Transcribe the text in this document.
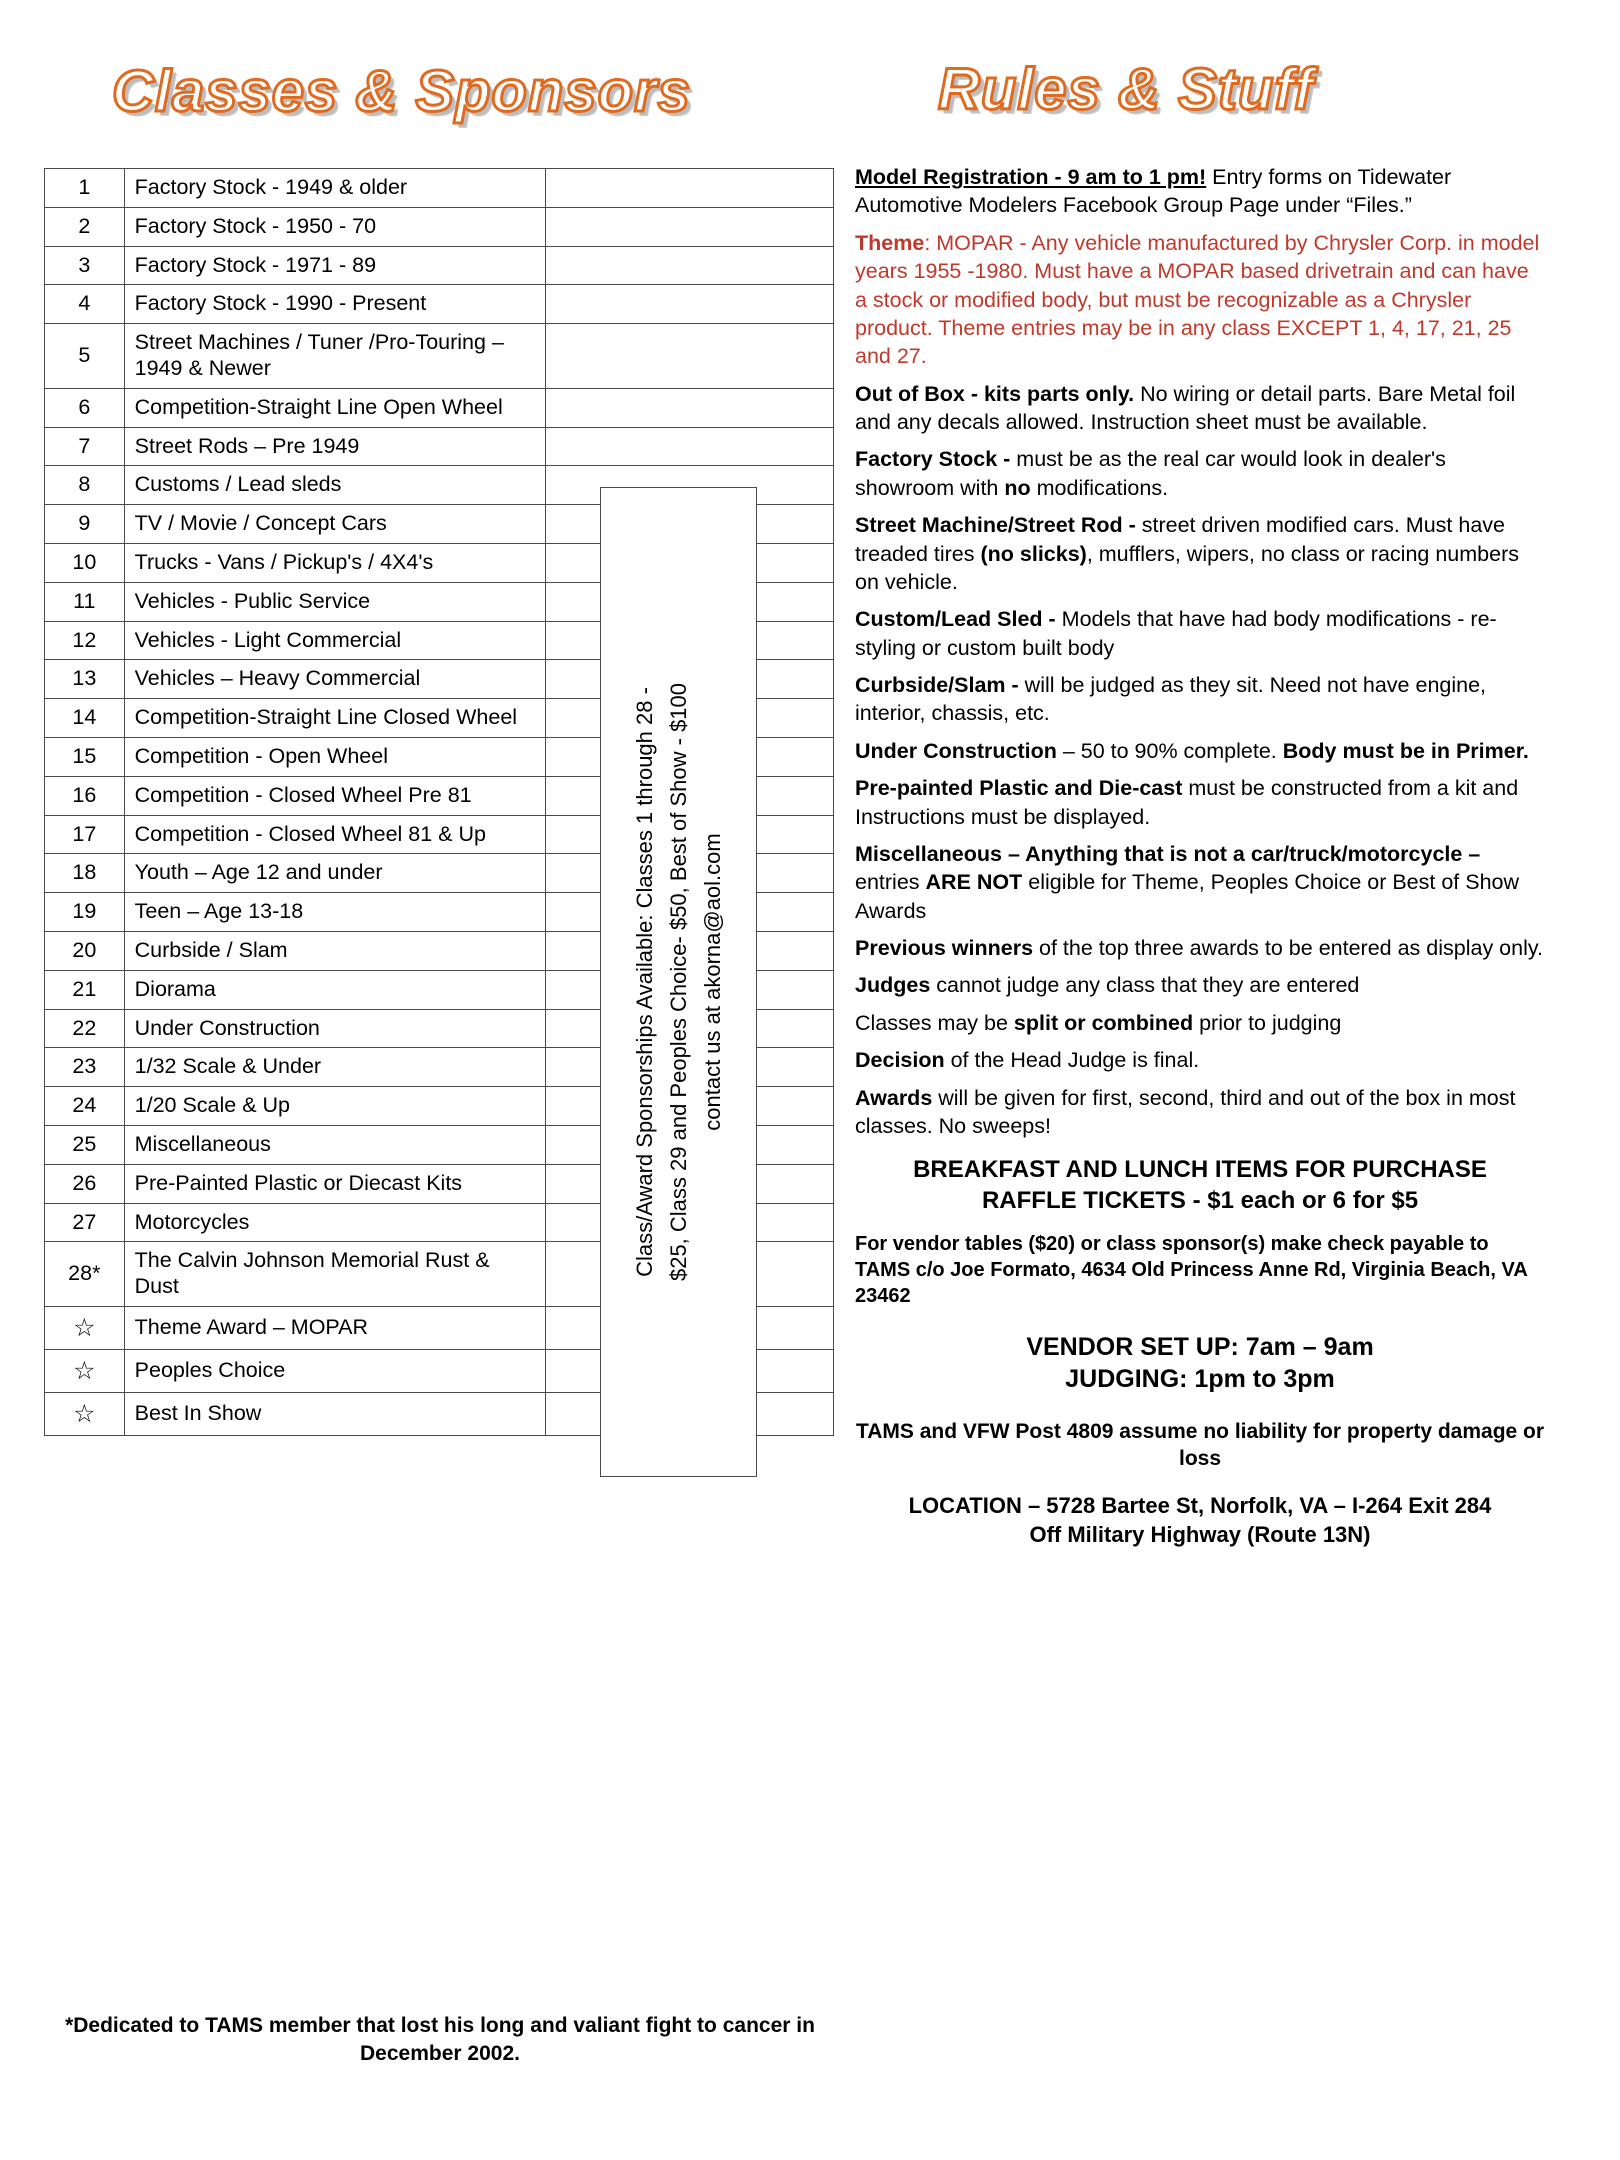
Classes & Sponsors	Rules & Stuff
1	Factory Stock - 1949 & older	
2	Factory Stock - 1950 - 70	
3	Factory Stock - 1971 - 89	
4	Factory Stock - 1990 - Present	
5	Street Machines / Tuner /Pro-Touring – 1949 & Newer	
6	Competition-Straight Line Open Wheel	
7	Street Rods – Pre 1949	
8	Customs / Lead sleds	
9	TV / Movie / Concept Cars	
10	Trucks - Vans / Pickup's / 4X4's	
11	Vehicles - Public Service	
12	Vehicles - Light Commercial	
13	Vehicles – Heavy Commercial	
14	Competition-Straight Line Closed Wheel	
15	Competition - Open Wheel	
16	Competition - Closed Wheel Pre 81	
17	Competition - Closed Wheel 81 & Up	
18	Youth – Age 12 and under	
19	Teen – Age 13-18	
20	Curbside / Slam	
21	Diorama	
22	Under Construction	
23	1/32 Scale & Under	
24	1/20 Scale & Up	
25	Miscellaneous	
26	Pre-Painted Plastic or Diecast Kits	
27	Motorcycles	
28*	The Calvin Johnson Memorial Rust & Dust	
☆	Theme Award – MOPAR	
☆	Peoples Choice	
☆	Best In Show	
Class/Award Sponsorships Available: Classes 1 through 28 - $25, Class 29 and Peoples Choice- $50, Best of Show - $100 contact us at akorna@aol.com
*Dedicated to TAMS member that lost his long and valiant fight to cancer in December 2002.

Model Registration - 9 am to 1 pm! Entry forms on Tidewater Automotive Modelers Facebook Group Page under “Files.”

Theme: MOPAR - Any vehicle manufactured by Chrysler Corp. in model years 1955 -1980. Must have a MOPAR based drivetrain and can have a stock or modified body, but must be recognizable as a Chrysler product. Theme entries may be in any class EXCEPT 1, 4, 17, 21, 25 and 27.

Out of Box - kits parts only. No wiring or detail parts. Bare Metal foil and any decals allowed. Instruction sheet must be available.

Factory Stock - must be as the real car would look in dealer's showroom with no modifications.

Street Machine/Street Rod - street driven modified cars. Must have treaded tires (no slicks), mufflers, wipers, no class or racing numbers on vehicle.

Custom/Lead Sled - Models that have had body modifications - re-styling or custom built body

Curbside/Slam - will be judged as they sit. Need not have engine, interior, chassis, etc.

Under Construction – 50 to 90% complete. Body must be in Primer.

Pre-painted Plastic and Die-cast must be constructed from a kit and Instructions must be displayed.

Miscellaneous – Anything that is not a car/truck/motorcycle – entries ARE NOT eligible for Theme, Peoples Choice or Best of Show Awards

Previous winners of the top three awards to be entered as display only.

Judges cannot judge any class that they are entered

Classes may be split or combined prior to judging

Decision of the Head Judge is final.

Awards will be given for first, second, third and out of the box in most classes. No sweeps!

BREAKFAST AND LUNCH ITEMS FOR PURCHASE
RAFFLE TICKETS - $1 each or 6 for $5
For vendor tables ($20) or class sponsor(s) make check payable to TAMS c/o Joe Formato, 4634 Old Princess Anne Rd, Virginia Beach, VA 23462
VENDOR SET UP: 7am – 9am
JUDGING: 1pm to 3pm
TAMS and VFW Post 4809 assume no liability for property damage or loss
LOCATION – 5728 Bartee St, Norfolk, VA – I-264 Exit 284
Off Military Highway (Route 13N)
